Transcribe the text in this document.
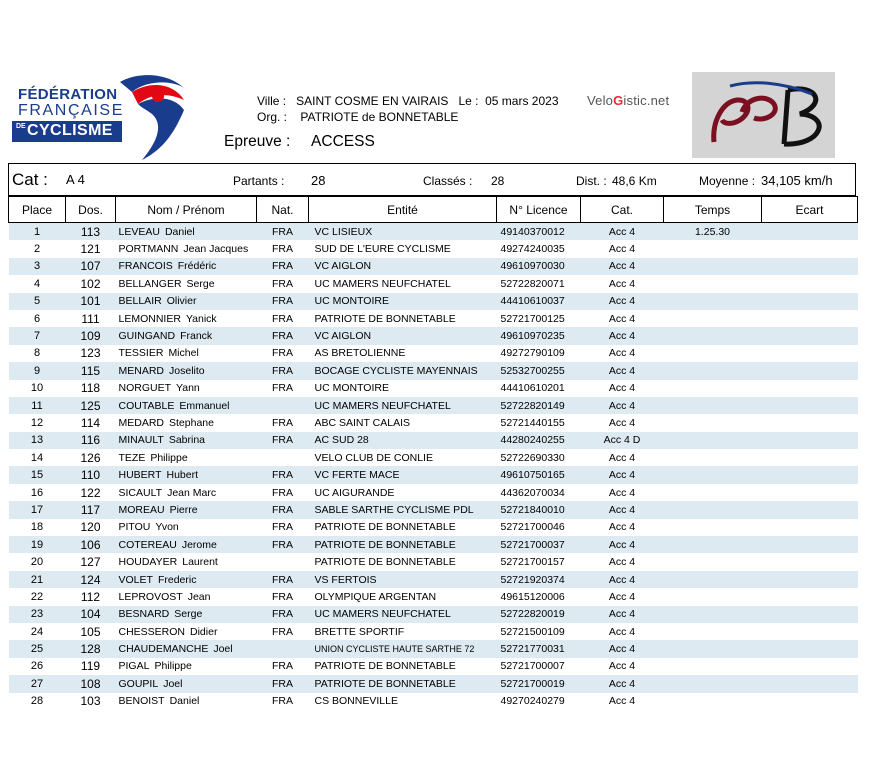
FÉDÉRATION
FRANÇAISE
DE CYCLISME
Ville : SAINT COSME EN VAIRAIS Le : 05 mars 2023
Org. : PATRIOTE de BONNETABLE
Epreuve : ACCESS
VeloGistic.net
Cat : A 4	Partants : 28	Classés : 28	Dist. : 48,6 Km	Moyenne : 34,105 km/h
Place	Dos.	Nom / Prénom	Nat.	Entité	N° Licence	Cat.	Temps	Ecart
1	113	LEVEAU Daniel	FRA	VC LISIEUX	49140370012	Acc 4	1.25.30	
2	121	PORTMANN Jean Jacques	FRA	SUD DE L'EURE CYCLISME	49274240035	Acc 4		
3	107	FRANCOIS Frédéric	FRA	VC AIGLON	49610970030	Acc 4		
4	102	BELLANGER Serge	FRA	UC MAMERS NEUFCHATEL	52722820071	Acc 4		
5	101	BELLAIR Olivier	FRA	UC MONTOIRE	44410610037	Acc 4		
6	111	LEMONNIER Yanick	FRA	PATRIOTE DE BONNETABLE	52721700125	Acc 4		
7	109	GUINGAND Franck	FRA	VC AIGLON	49610970235	Acc 4		
8	123	TESSIER Michel	FRA	AS BRETOLIENNE	49272790109	Acc 4		
9	115	MENARD Joselito	FRA	BOCAGE CYCLISTE MAYENNAIS	52532700255	Acc 4		
10	118	NORGUET Yann	FRA	UC MONTOIRE	44410610201	Acc 4		
11	125	COUTABLE Emmanuel		UC MAMERS NEUFCHATEL	52722820149	Acc 4		
12	114	MEDARD Stephane	FRA	ABC SAINT CALAIS	52721440155	Acc 4		
13	116	MINAULT Sabrina	FRA	AC SUD 28	44280240255	Acc 4 D		
14	126	TEZE Philippe		VELO CLUB DE CONLIE	52722690330	Acc 4		
15	110	HUBERT Hubert	FRA	VC FERTE MACE	49610750165	Acc 4		
16	122	SICAULT Jean Marc	FRA	UC AIGURANDE	44362070034	Acc 4		
17	117	MOREAU Pierre	FRA	SABLE SARTHE CYCLISME PDL	52721840010	Acc 4		
18	120	PITOU Yvon	FRA	PATRIOTE DE BONNETABLE	52721700046	Acc 4		
19	106	COTEREAU Jerome	FRA	PATRIOTE DE BONNETABLE	52721700037	Acc 4		
20	127	HOUDAYER Laurent		PATRIOTE DE BONNETABLE	52721700157	Acc 4		
21	124	VOLET Frederic	FRA	VS FERTOIS	52721920374	Acc 4		
22	112	LEPROVOST Jean	FRA	OLYMPIQUE ARGENTAN	49615120006	Acc 4		
23	104	BESNARD Serge	FRA	UC MAMERS NEUFCHATEL	52722820019	Acc 4		
24	105	CHESSERON Didier	FRA	BRETTE SPORTIF	52721500109	Acc 4		
25	128	CHAUDEMANCHE Joel		UNION CYCLISTE HAUTE SARTHE 72	52721770031	Acc 4		
26	119	PIGAL Philippe	FRA	PATRIOTE DE BONNETABLE	52721700007	Acc 4		
27	108	GOUPIL Joel	FRA	PATRIOTE DE BONNETABLE	52721700019	Acc 4		
28	103	BENOIST Daniel	FRA	CS BONNEVILLE	49270240279	Acc 4		
